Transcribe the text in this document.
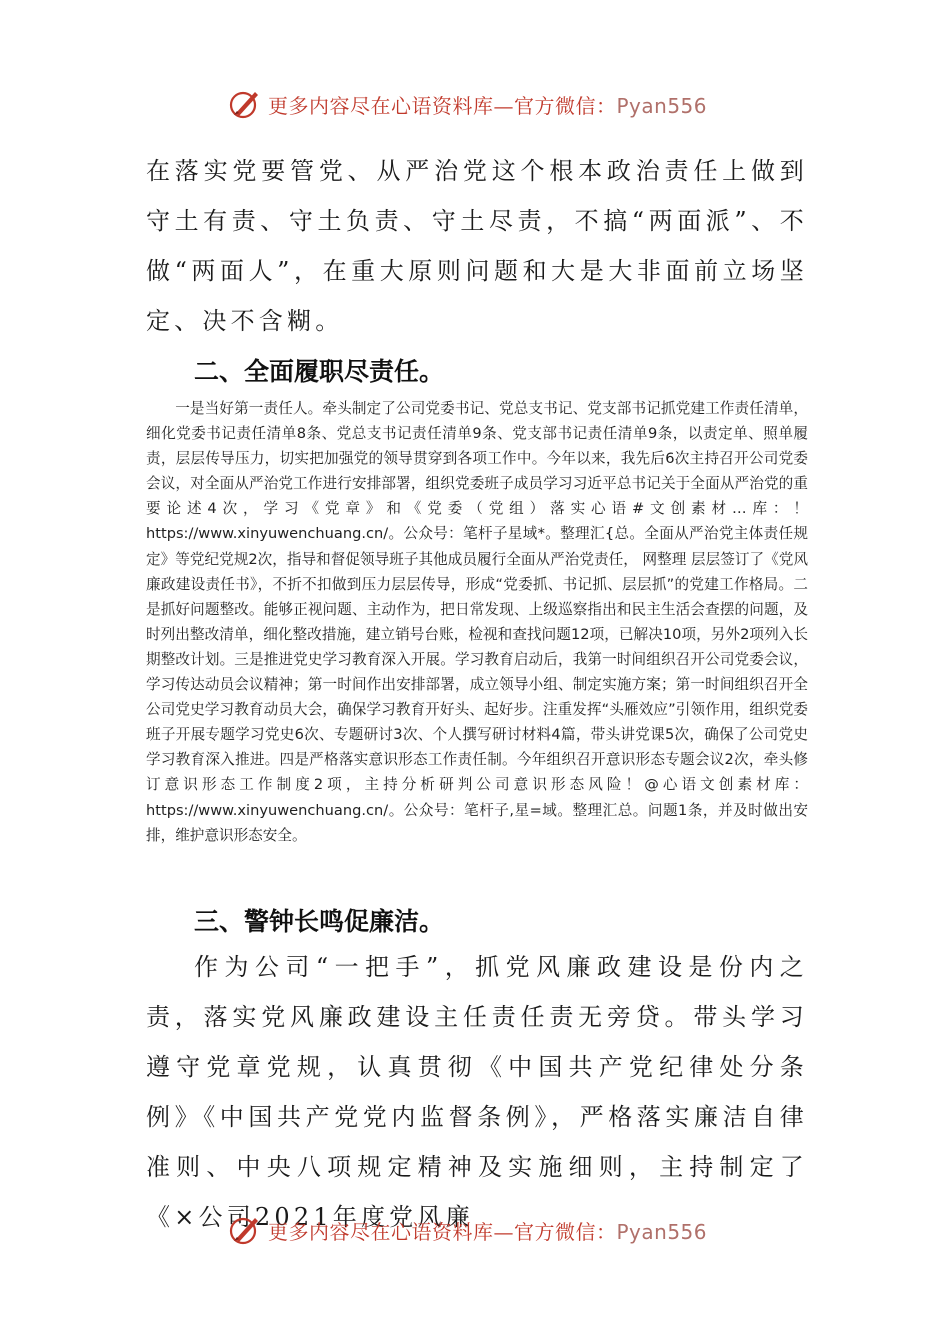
更多内容尽在心语资料库—官方微信：Pyan556

在落实党要管党、从严治党这个根本政治责任上做到守土有责、守土负责、守土尽责，不搞“两面派”、不做“两面人”，在重大原则问题和大是大非面前立场坚定、决不含糊。

二、全面履职尽责任。

一是当好第一责任人。牵头制定了公司党委书记、党总支书记、党支部书记抓党建工作责任清单，细化党委书记责任清单8条、党总支书记责任清单9条、党支部书记责任清单9条，以责定单、照单履责，层层传导压力，切实把加强党的领导贯穿到各项工作中。今年以来，我先后6次主持召开公司党委会议，对全面从严治党工作进行安排部署，组织党委班子成员学习习近平总书记关于全面从严治党的重要论述4次，学习《党章》和《党委（党组）落实心语#文创素材…库：！https://www.xinyuwenchuang.cn/。公众号：笔杆子星域*。整理汇{总。全面从严治党主体责任规定》等党纪党规2次，指导和督促领导班子其他成员履行全面从严治党责任， 网整理 层层签订了《党风廉政建设责任书》，不折不扣做到压力层层传导，形成“党委抓、书记抓、层层抓”的党建工作格局。二是抓好问题整改。能够正视问题、主动作为，把日常发现、上级巡察指出和民主生活会查摆的问题，及时列出整改清单，细化整改措施，建立销号台账，检视和查找问题12项，已解决10项，另外2项列入长期整改计划。三是推进党史学习教育深入开展。学习教育启动后，我第一时间组织召开公司党委会议，学习传达动员会议精神；第一时间作出安排部署，成立领导小组、制定实施方案；第一时间组织召开全公司党史学习教育动员大会，确保学习教育开好头、起好步。注重发挥“头雁效应”引领作用，组织党委班子开展专题学习党史6次、专题研讨3次、个人撰写研讨材料4篇，带头讲党课5次，确保了公司党史学习教育深入推进。四是严格落实意识形态工作责任制。今年组织召开意识形态专题会议2次，牵头修订意识形态工作制度2项，主持分析研判公司意识形态风险！@心语文创素材库：https://www.xinyuwenchuang.cn/。公众号：笔杆子,星=域。整理汇总。问题1条，并及时做出安排，维护意识形态安全。

三、警钟长鸣促廉洁。

作为公司“一把手”，抓党风廉政建设是份内之责，落实党风廉政建设主任责任责无旁贷。带头学习遵守党章党规，认真贯彻《中国共产党纪律处分条例》《中国共产党党内监督条例》，严格落实廉洁自律准则、中央八项规定精神及实施细则，主持制定了《×公司2021年度党风廉

更多内容尽在心语资料库—官方微信：Pyan556
